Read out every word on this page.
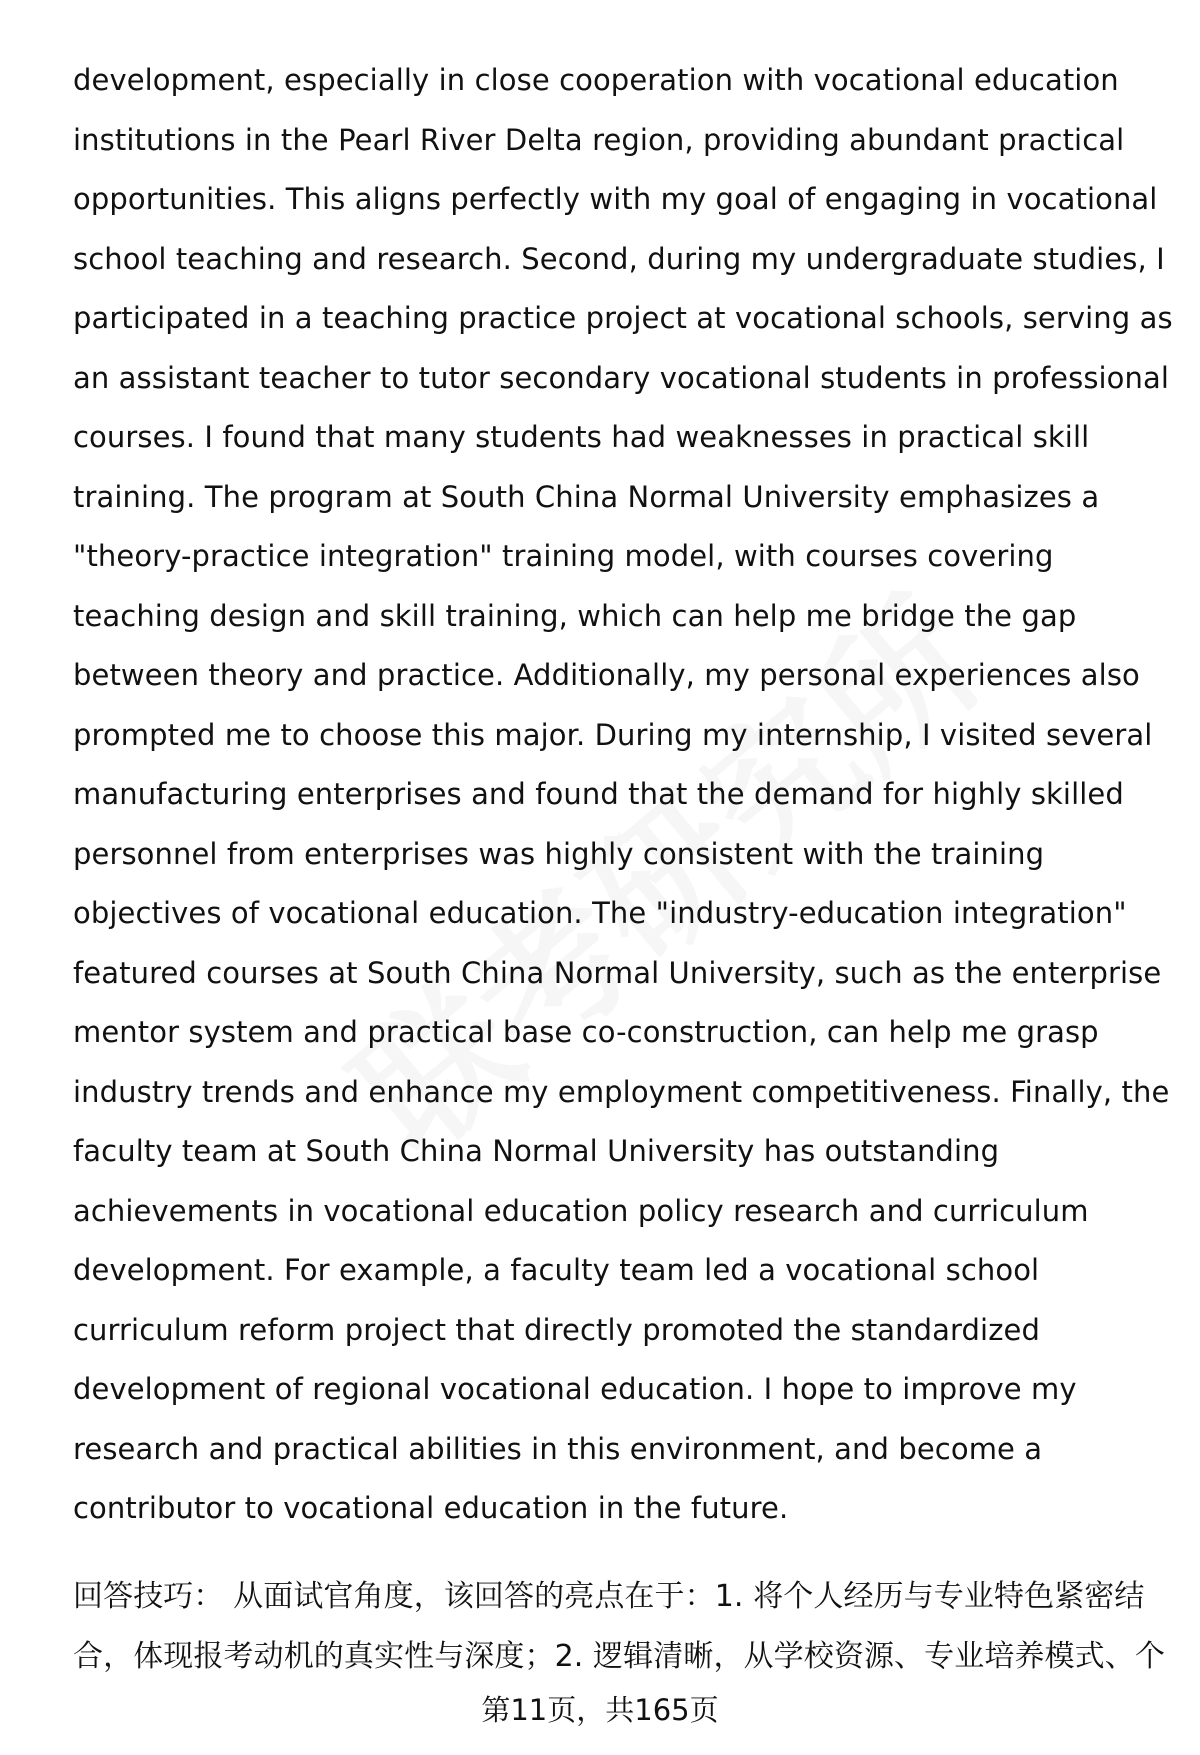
development, especially in close cooperation with vocational education
institutions in the Pearl River Delta region, providing abundant practical
opportunities. This aligns perfectly with my goal of engaging in vocational
school teaching and research. Second, during my undergraduate studies, I
participated in a teaching practice project at vocational schools, serving as
an assistant teacher to tutor secondary vocational students in professional
courses. I found that many students had weaknesses in practical skill
training. The program at South China Normal University emphasizes a
"theory-practice integration" training model, with courses covering
teaching design and skill training, which can help me bridge the gap
between theory and practice. Additionally, my personal experiences also
prompted me to choose this major. During my internship, I visited several
manufacturing enterprises and found that the demand for highly skilled
personnel from enterprises was highly consistent with the training
objectives of vocational education. The "industry-education integration"
featured courses at South China Normal University, such as the enterprise
mentor system and practical base co-construction, can help me grasp
industry trends and enhance my employment competitiveness. Finally, the
faculty team at South China Normal University has outstanding
achievements in vocational education policy research and curriculum
development. For example, a faculty team led a vocational school
curriculum reform project that directly promoted the standardized
development of regional vocational education. I hope to improve my
research and practical abilities in this environment, and become a
contributor to vocational education in the future.
回答技巧： 从面试官角度，该回答的亮点在于：1. 将个人经历与专业特色紧密结
合，体现报考动机的真实性与深度；2. 逻辑清晰，从学校资源、专业培养模式、个
第11页，共165页
